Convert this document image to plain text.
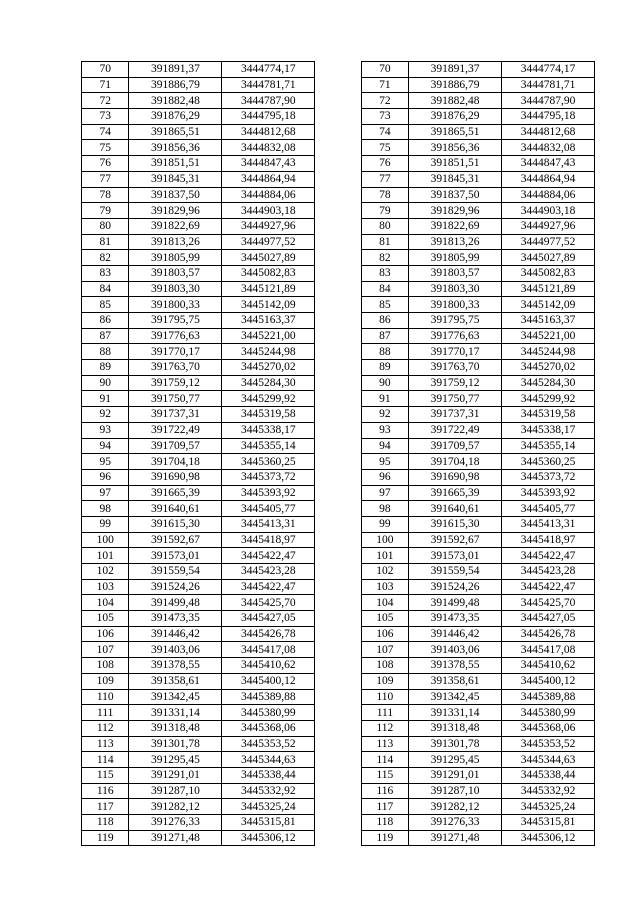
70	391891,37	3444774,17		70	391891,37	3444774,17
71	391886,79	3444781,71		71	391886,79	3444781,71
72	391882,48	3444787,90		72	391882,48	3444787,90
73	391876,29	3444795,18		73	391876,29	3444795,18
74	391865,51	3444812,68		74	391865,51	3444812,68
75	391856,36	3444832,08		75	391856,36	3444832,08
76	391851,51	3444847,43		76	391851,51	3444847,43
77	391845,31	3444864,94		77	391845,31	3444864,94
78	391837,50	3444884,06		78	391837,50	3444884,06
79	391829,96	3444903,18		79	391829,96	3444903,18
80	391822,69	3444927,96		80	391822,69	3444927,96
81	391813,26	3444977,52		81	391813,26	3444977,52
82	391805,99	3445027,89		82	391805,99	3445027,89
83	391803,57	3445082,83		83	391803,57	3445082,83
84	391803,30	3445121,89		84	391803,30	3445121,89
85	391800,33	3445142,09		85	391800,33	3445142,09
86	391795,75	3445163,37		86	391795,75	3445163,37
87	391776,63	3445221,00		87	391776,63	3445221,00
88	391770,17	3445244,98		88	391770,17	3445244,98
89	391763,70	3445270,02		89	391763,70	3445270,02
90	391759,12	3445284,30		90	391759,12	3445284,30
91	391750,77	3445299,92		91	391750,77	3445299,92
92	391737,31	3445319,58		92	391737,31	3445319,58
93	391722,49	3445338,17		93	391722,49	3445338,17
94	391709,57	3445355,14		94	391709,57	3445355,14
95	391704,18	3445360,25		95	391704,18	3445360,25
96	391690,98	3445373,72		96	391690,98	3445373,72
97	391665,39	3445393,92		97	391665,39	3445393,92
98	391640,61	3445405,77		98	391640,61	3445405,77
99	391615,30	3445413,31		99	391615,30	3445413,31
100	391592,67	3445418,97		100	391592,67	3445418,97
101	391573,01	3445422,47		101	391573,01	3445422,47
102	391559,54	3445423,28		102	391559,54	3445423,28
103	391524,26	3445422,47		103	391524,26	3445422,47
104	391499,48	3445425,70		104	391499,48	3445425,70
105	391473,35	3445427,05		105	391473,35	3445427,05
106	391446,42	3445426,78		106	391446,42	3445426,78
107	391403,06	3445417,08		107	391403,06	3445417,08
108	391378,55	3445410,62		108	391378,55	3445410,62
109	391358,61	3445400,12		109	391358,61	3445400,12
110	391342,45	3445389,88		110	391342,45	3445389,88
111	391331,14	3445380,99		111	391331,14	3445380,99
112	391318,48	3445368,06		112	391318,48	3445368,06
113	391301,78	3445353,52		113	391301,78	3445353,52
114	391295,45	3445344,63		114	391295,45	3445344,63
115	391291,01	3445338,44		115	391291,01	3445338,44
116	391287,10	3445332,92		116	391287,10	3445332,92
117	391282,12	3445325,24		117	391282,12	3445325,24
118	391276,33	3445315,81		118	391276,33	3445315,81
119	391271,48	3445306,12		119	391271,48	3445306,12
